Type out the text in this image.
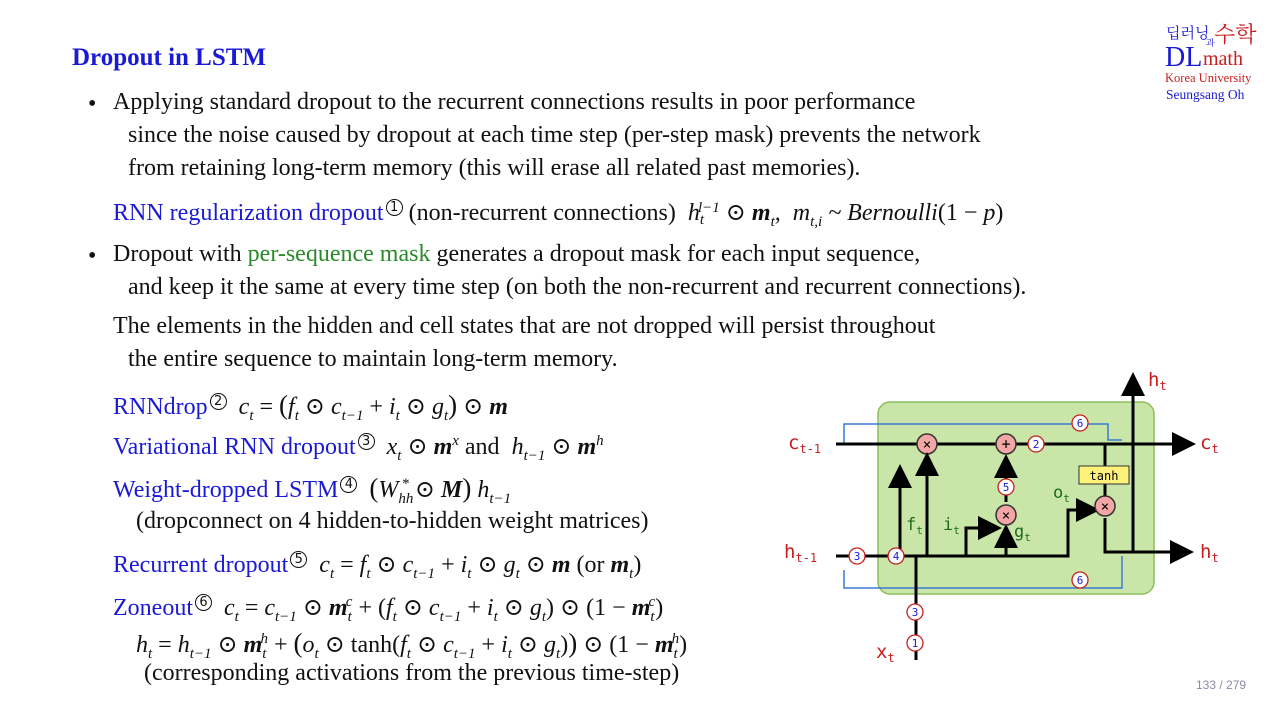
Dropout in LSTM
딥러닝
과 수학
DL math
Korea University
Seungsang Oh
• Applying standard dropout to the recurrent connections results in poor performance
since the noise caused by dropout at each time step (per-step mask) prevents the network
from retaining long-term memory (this will erase all related past memories).
RNN regularization dropout 1 (non-recurrent connections)  $h_t^{l-1}$ ⊙ $m_t$,  $m_{t,i}$ ~ Bernoulli(1 − p)
• Dropout with per-sequence mask generates a dropout mask for each input sequence,
and keep it the same at every time step (on both the non-recurrent and recurrent connections).
The elements in the hidden and cell states that are not dropped will persist throughout
the entire sequence to maintain long-term memory.
RNNdrop 2  $c_t = (f_t$ ⊙ $c_{t-1} + i_t$ ⊙ $g_t$) ⊙ m
Variational RNN dropout 3  $x_t$ ⊙ $m^x$ and  $h_{t-1}$ ⊙ $m^h$
Weight-dropped LSTM 4 ($W_{hh}^*$ ⊙ M) $h_{t-1}$
(dropconnect on 4 hidden-to-hidden weight matrices)
Recurrent dropout 5  $c_t = f_t$ ⊙ $c_{t-1} + i_t$ ⊙ $g_t$ ⊙ m (or $m_t$)
Zoneout 6  $c_t = c_{t-1}$ ⊙ $m_t^c + (f_t$ ⊙ $c_{t-1} + i_t$ ⊙ $g_t$) ⊙ $(1 - m_t^c)$
$h_t = h_{t-1}$ ⊙ $m_t^h + (o_t$ ⊙ $\tanh(f_t$ ⊙ $c_{t-1} + i_t$ ⊙ $g_t$)) ⊙ $(1 - m_t^h)$
(corresponding activations from the previous time-step)
×	+
×
×
tanh
6
2
5
3	4
6
3
1
$f_t$ $i_t$	$g_t$
$o_t$
$c_{t-1}$
$h_{t-1}$
$c_t$
$h_t$
$h_t$
$x_t$
133 / 279
